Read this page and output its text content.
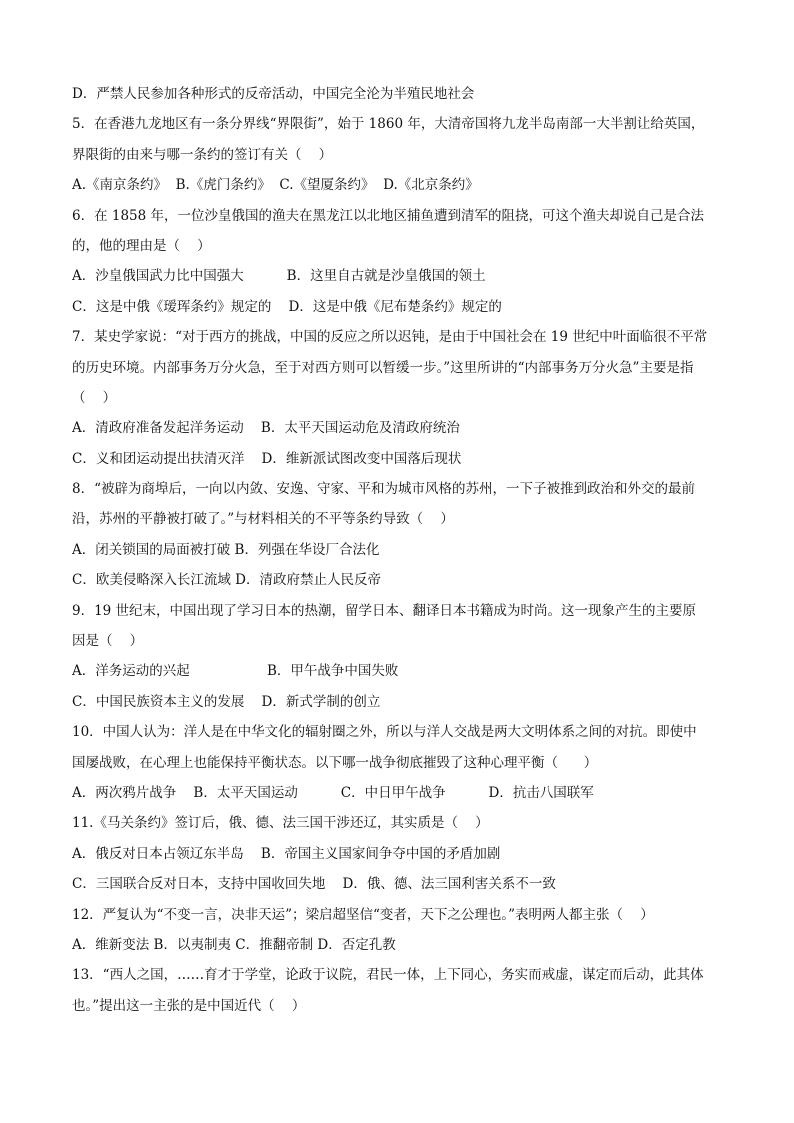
D．严禁人民参加各种形式的反帝活动，中国完全沦为半殖民地社会
5．在香港九龙地区有一条分界线“界限街”，始于 1860 年，大清帝国将九龙半岛南部一大半割让给英国，
界限街的由来与哪一条约的签订有关（    ）
A.《南京条约》  B.《虎门条约》  C.《望厦条约》  D.《北京条约》
6．在 1858 年，一位沙皇俄国的渔夫在黑龙江以北地区捕鱼遭到清军的阻挠，可这个渔夫却说自己是合法
的，他的理由是（    ）
A．沙皇俄国武力比中国强大          B．这里自古就是沙皇俄国的领土
C．这是中俄《瑷珲条约》规定的    D．这是中俄《尼布楚条约》规定的
7．某史学家说：“对于西方的挑战，中国的反应之所以迟钝，是由于中国社会在 19 世纪中叶面临很不平常
的历史环境。内部事务万分火急，至于对西方则可以暂缓一步。”这里所讲的“内部事务万分火急”主要是指
（    ）
A．清政府准备发起洋务运动    B．太平天国运动危及清政府统治
C．义和团运动提出扶清灭洋    D．维新派试图改变中国落后现状
8．“被辟为商埠后，一向以内敛、安逸、守家、平和为城市风格的苏州，一下子被推到政治和外交的最前
沿，苏州的平静被打破了。”与材料相关的不平等条约导致（    ）
A．闭关锁国的局面被打破 B．列强在华设厂合法化
C．欧美侵略深入长江流域 D．清政府禁止人民反帝
9．19 世纪末，中国出现了学习日本的热潮，留学日本、翻译日本书籍成为时尚。这一现象产生的主要原
因是（    ）
A．洋务运动的兴起                  B．甲午战争中国失败
C．中国民族资本主义的发展    D．新式学制的创立
10．中国人认为：洋人是在中华文化的辐射圈之外，所以与洋人交战是两大文明体系之间的对抗。即使中
国屡战败，在心理上也能保持平衡状态。以下哪一战争彻底摧毁了这种心理平衡（      ）
A．两次鸦片战争    B．太平天国运动          C．中日甲午战争          D．抗击八国联军
11.《马关条约》签订后，俄、德、法三国干涉还辽，其实质是（    ）
A．俄反对日本占领辽东半岛    B．帝国主义国家间争夺中国的矛盾加剧
C．三国联合反对日本，支持中国收回失地    D．俄、德、法三国利害关系不一致
12．严复认为“不变一言，决非天运”；梁启超坚信“变者，天下之公理也。”表明两人都主张（    ）
A．维新变法 B．以夷制夷 C．推翻帝制 D．否定孔教
13．“西人之国，……育才于学堂，论政于议院，君民一体，上下同心，务实而戒虚，谋定而后动，此其体
也。”提出这一主张的是中国近代（    ）
